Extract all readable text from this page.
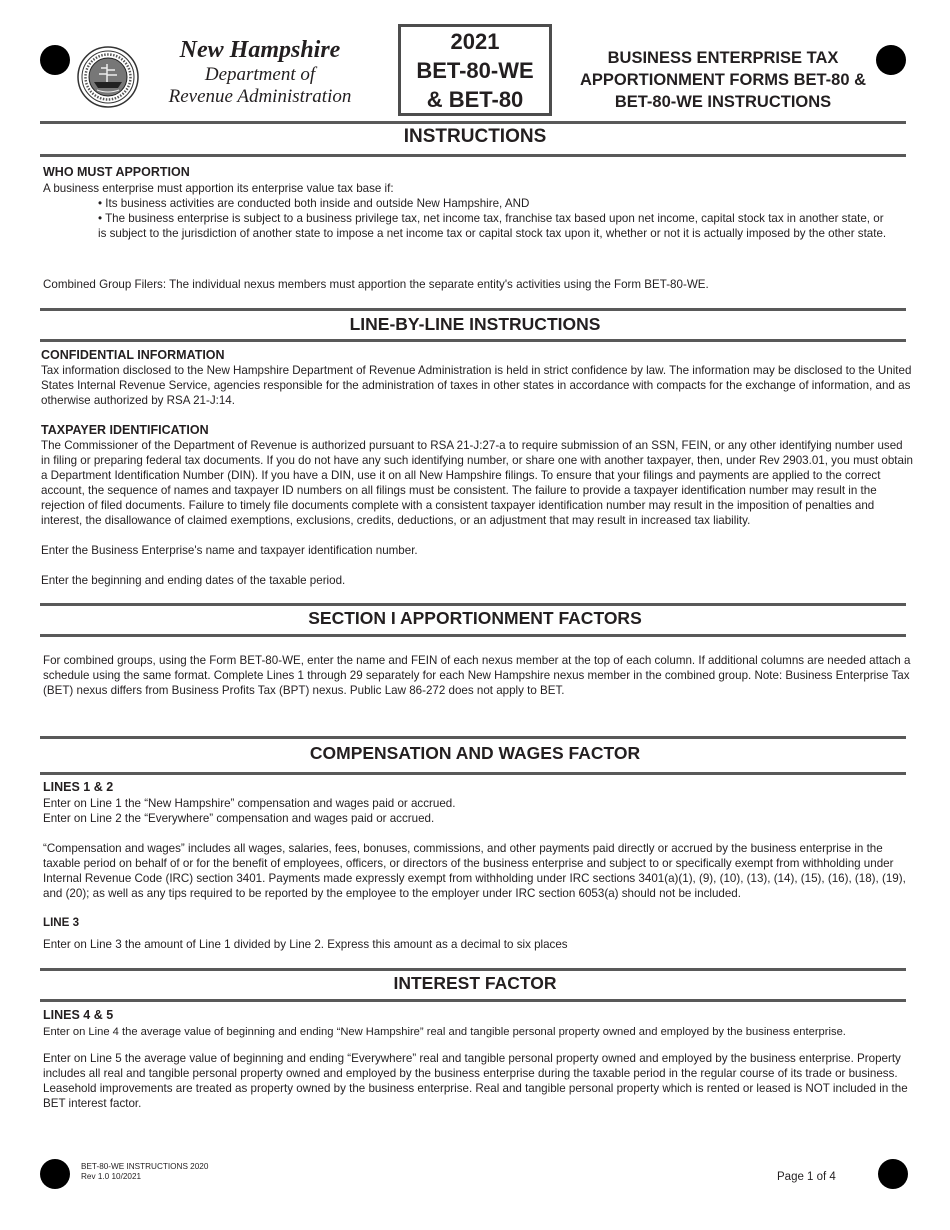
New Hampshire
Department of
Revenue Administration
2021
BET-80-WE
& BET-80
BUSINESS ENTERPRISE TAX
APPORTIONMENT FORMS BET-80 &
BET-80-WE INSTRUCTIONS
INSTRUCTIONS
WHO MUST APPORTION
A business enterprise must apportion its enterprise value tax base if:
• Its business activities are conducted both inside and outside New Hampshire, AND
• The business enterprise is subject to a business privilege tax, net income tax, franchise tax based upon net income, capital stock tax in another state, or is subject to the jurisdiction of another state to impose a net income tax or capital stock tax upon it, whether or not it is actually imposed by the other state.
Combined Group Filers: The individual nexus members must apportion the separate entity's activities using the Form BET-80-WE.
LINE-BY-LINE INSTRUCTIONS
CONFIDENTIAL INFORMATION
Tax information disclosed to the New Hampshire Department of Revenue Administration is held in strict confidence by law. The information may be disclosed to the United States Internal Revenue Service, agencies responsible for the administration of taxes in other states in accordance with compacts for the exchange of information, and as otherwise authorized by RSA 21-J:14.
TAXPAYER IDENTIFICATION
The Commissioner of the Department of Revenue is authorized pursuant to RSA 21-J:27-a to require submission of an SSN, FEIN, or any other identifying number used in filing or preparing federal tax documents. If you do not have any such identifying number, or share one with another taxpayer, then, under Rev 2903.01, you must obtain a Department Identification Number (DIN). If you have a DIN, use it on all New Hampshire filings. To ensure that your filings and payments are applied to the correct account, the sequence of names and taxpayer ID numbers on all filings must be consistent. The failure to provide a taxpayer identification number may result in the rejection of filed documents. Failure to timely file documents complete with a consistent taxpayer identification number may result in the imposition of penalties and interest, the disallowance of claimed exemptions, exclusions, credits, deductions, or an adjustment that may result in increased tax liability.
Enter the Business Enterprise's name and taxpayer identification number.
Enter the beginning and ending dates of the taxable period.
SECTION I APPORTIONMENT FACTORS
For combined groups, using the Form BET-80-WE, enter the name and FEIN of each nexus member at the top of each column. If additional columns are needed attach a schedule using the same format. Complete Lines 1 through 29 separately for each New Hampshire nexus member in the combined group. Note: Business Enterprise Tax (BET) nexus differs from Business Profits Tax (BPT) nexus. Public Law 86-272 does not apply to BET.
COMPENSATION AND WAGES FACTOR
LINES 1 & 2
Enter on Line 1 the “New Hampshire” compensation and wages paid or accrued.
Enter on Line 2 the “Everywhere” compensation and wages paid or accrued.
“Compensation and wages” includes all wages, salaries, fees, bonuses, commissions, and other payments paid directly or accrued by the business enterprise in the taxable period on behalf of or for the benefit of employees, officers, or directors of the business enterprise and subject to or specifically exempt from withholding under Internal Revenue Code (IRC) section 3401. Payments made expressly exempt from withholding under IRC sections 3401(a)(1), (9), (10), (13), (14), (15), (16), (18), (19), and (20); as well as any tips required to be reported by the employee to the employer under IRC section 6053(a) should not be included.
LINE 3
Enter on Line 3 the amount of Line 1 divided by Line 2. Express this amount as a decimal to six places
INTEREST FACTOR
LINES 4 & 5
Enter on Line 4 the average value of beginning and ending “New Hampshire” real and tangible personal property owned and employed by the business enterprise.
Enter on Line 5 the average value of beginning and ending “Everywhere” real and tangible personal property owned and employed by the business enterprise. Property includes all real and tangible personal property owned and employed by the business enterprise during the taxable period in the regular course of its trade or business. Leasehold improvements are treated as property owned by the business enterprise. Real and tangible personal property which is rented or leased is NOT included in the BET interest factor.
BET-80-WE INSTRUCTIONS 2020
Rev 1.0 10/2021	Page 1 of 4
